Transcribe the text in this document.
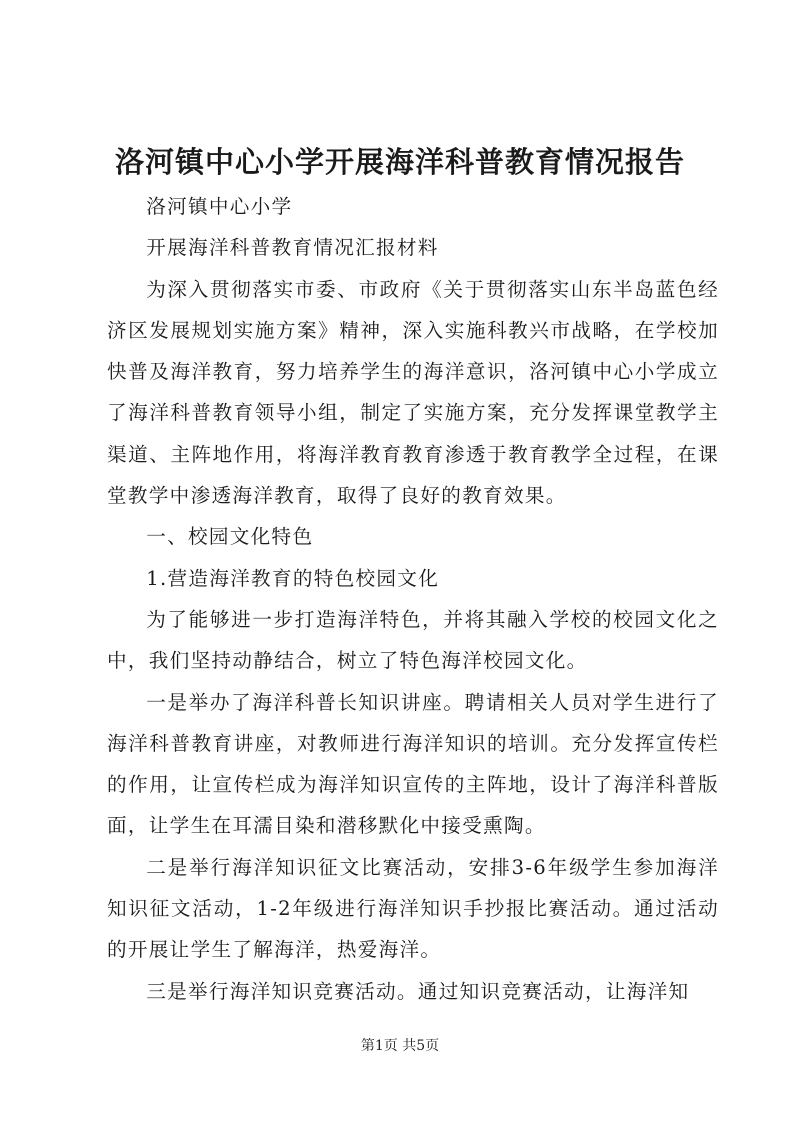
洛河镇中心小学开展海洋科普教育情况报告

洛河镇中心小学

开展海洋科普教育情况汇报材料

为深入贯彻落实市委、市政府《关于贯彻落实山东半岛蓝色经济区发展规划实施方案》精神，深入实施科教兴市战略，在学校加快普及海洋教育，努力培养学生的海洋意识，洛河镇中心小学成立了海洋科普教育领导小组，制定了实施方案，充分发挥课堂教学主渠道、主阵地作用，将海洋教育教育渗透于教育教学全过程，在课堂教学中渗透海洋教育，取得了良好的教育效果。

一、校园文化特色

1.营造海洋教育的特色校园文化

为了能够进一步打造海洋特色，并将其融入学校的校园文化之中，我们坚持动静结合，树立了特色海洋校园文化。

一是举办了海洋科普长知识讲座。聘请相关人员对学生进行了海洋科普教育讲座，对教师进行海洋知识的培训。充分发挥宣传栏的作用，让宣传栏成为海洋知识宣传的主阵地，设计了海洋科普版面，让学生在耳濡目染和潜移默化中接受熏陶。

二是举行海洋知识征文比赛活动，安排3-6年级学生参加海洋知识征文活动，1-2年级进行海洋知识手抄报比赛活动。通过活动的开展让学生了解海洋，热爱海洋。

三是举行海洋知识竞赛活动。通过知识竞赛活动，让海洋知

第1页 共5页
